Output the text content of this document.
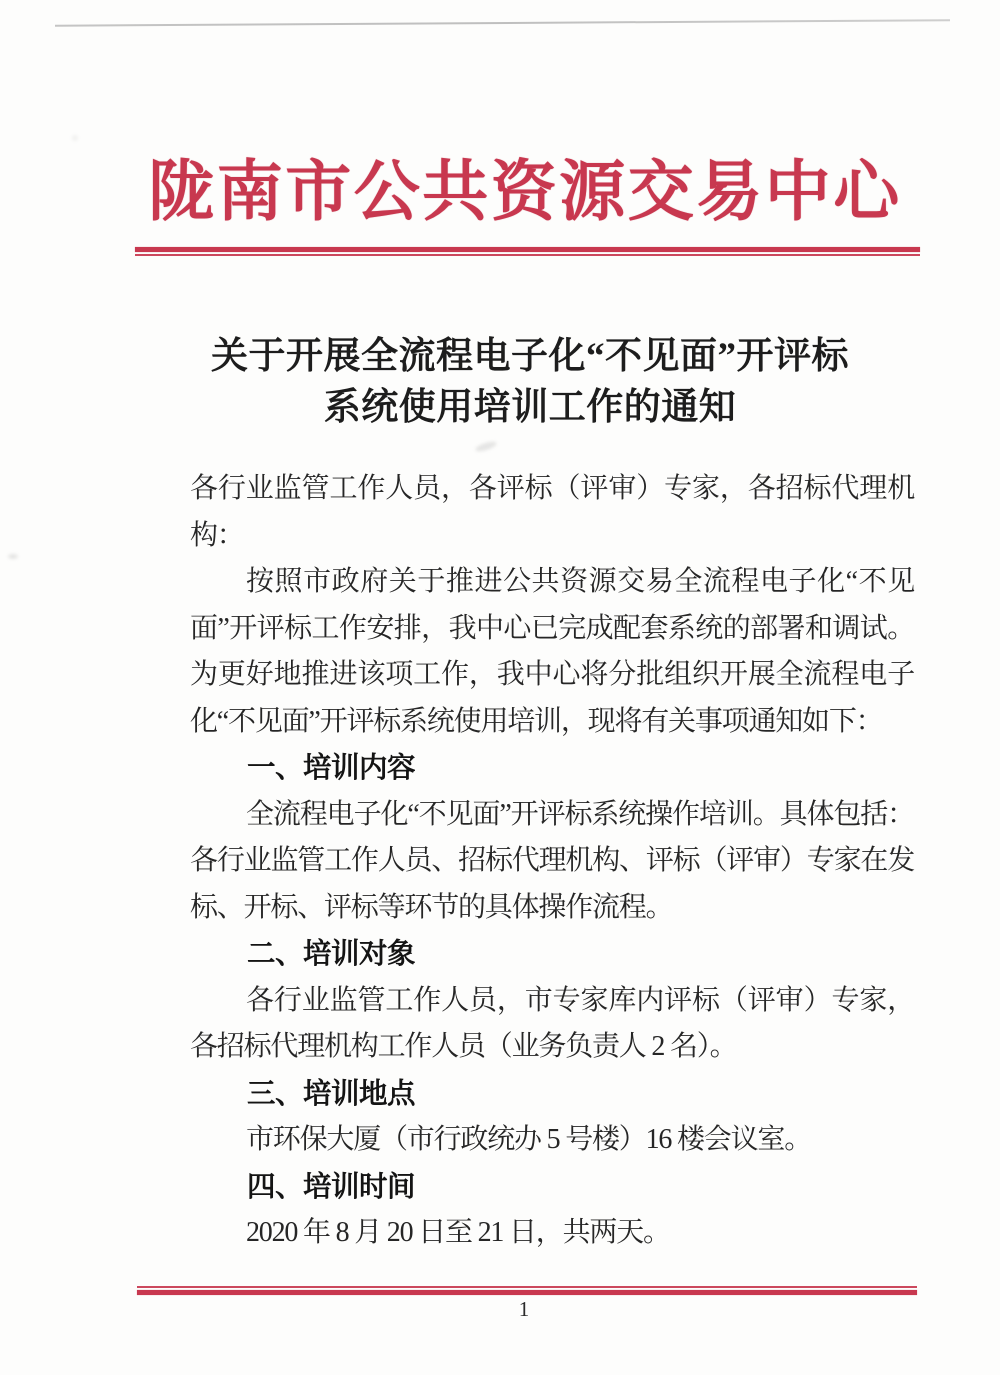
陇南市公共资源交易中心
关于开展全流程电子化“不见面”开评标
系统使用培训工作的通知

各行业监管工作人员，各评标（评审）专家，各招标代理机构：

按照市政府关于推进公共资源交易全流程电子化“不见面”开评标工作安排，我中心已完成配套系统的部署和调试。为更好地推进该项工作，我中心将分批组织开展全流程电子化“不见面”开评标系统使用培训，现将有关事项通知如下：

一、培训内容

全流程电子化“不见面”开评标系统操作培训。具体包括：各行业监管工作人员、招标代理机构、评标（评审）专家在发标、开标、评标等环节的具体操作流程。

二、培训对象

各行业监管工作人员，市专家库内评标（评审）专家，各招标代理机构工作人员（业务负责人 2 名）。

三、培训地点

市环保大厦（市行政统办 5 号楼）16 楼会议室。

四、培训时间

2020 年 8 月 20 日至 21 日，共两天。

1
